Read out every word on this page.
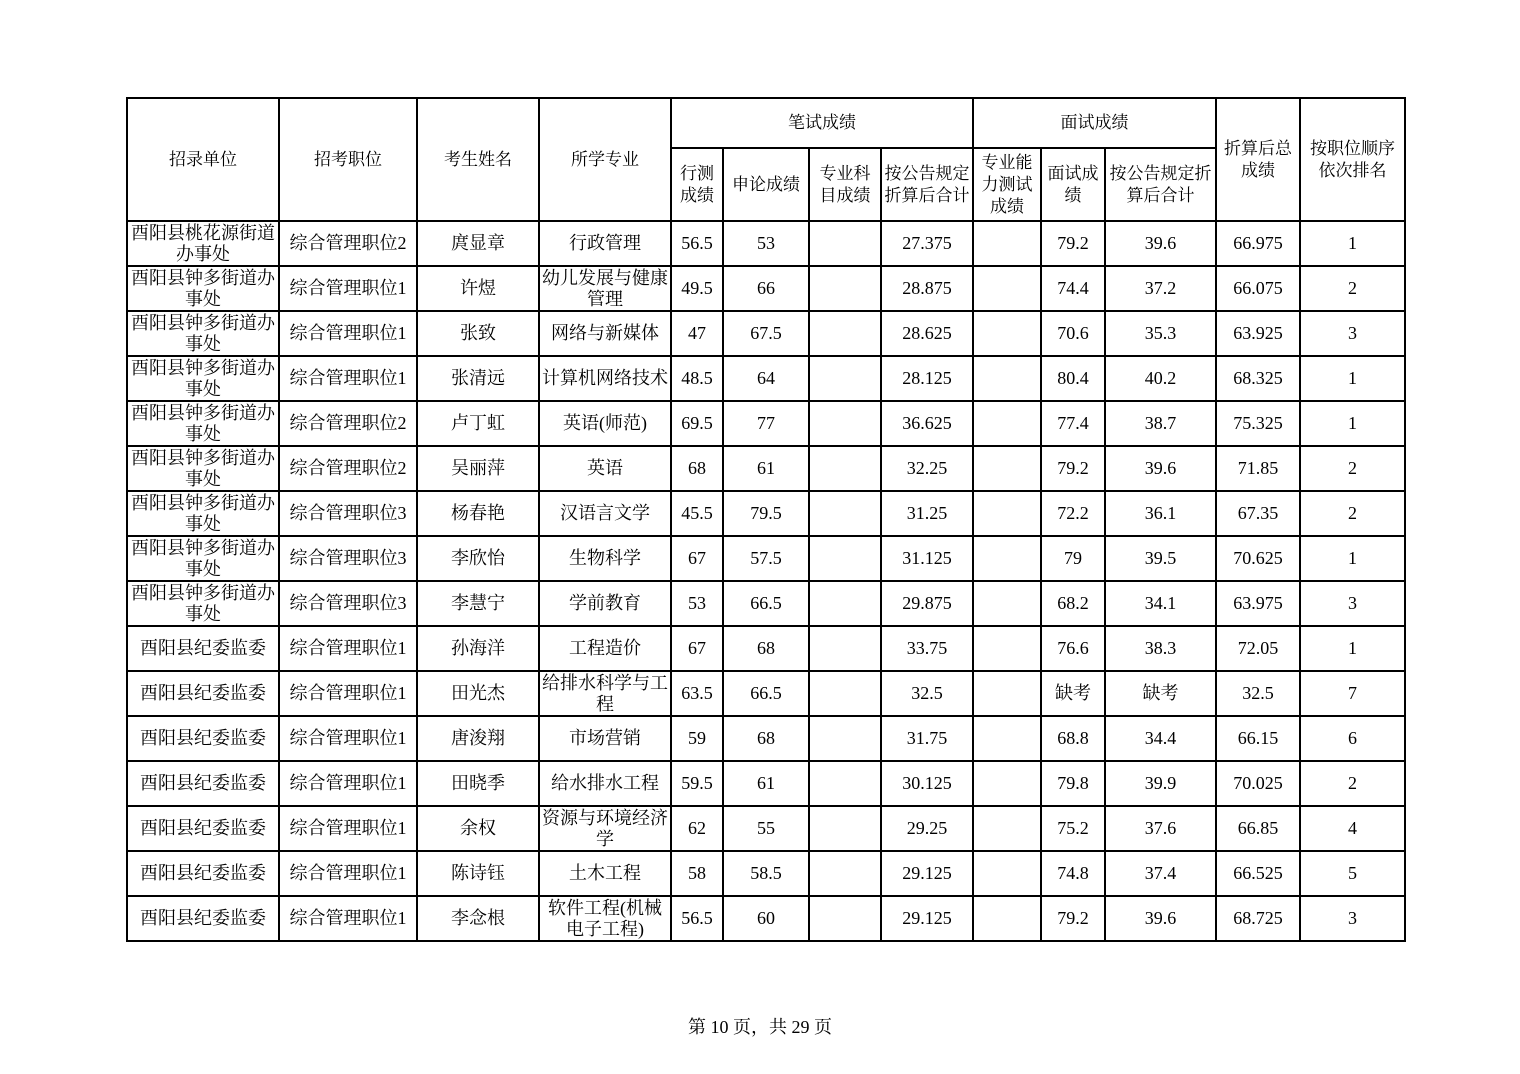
招录单位	招考职位	考生姓名	所学专业	笔试成绩				面试成绩			折算后总成绩	按职位顺序依次排名
				行测成绩	申论成绩	专业科目成绩	按公告规定折算后合计	专业能力测试成绩	面试成绩	按公告规定折算后合计		
酉阳县桃花源街道办事处	综合管理职位2	庹显章	行政管理	56.5	53		27.375		79.2	39.6	66.975	1
酉阳县钟多街道办事处	综合管理职位1	许煜	幼儿发展与健康管理	49.5	66		28.875		74.4	37.2	66.075	2
酉阳县钟多街道办事处	综合管理职位1	张致	网络与新媒体	47	67.5		28.625		70.6	35.3	63.925	3
酉阳县钟多街道办事处	综合管理职位1	张清远	计算机网络技术	48.5	64		28.125		80.4	40.2	68.325	1
酉阳县钟多街道办事处	综合管理职位2	卢丁虹	英语(师范)	69.5	77		36.625		77.4	38.7	75.325	1
酉阳县钟多街道办事处	综合管理职位2	吴丽萍	英语	68	61		32.25		79.2	39.6	71.85	2
酉阳县钟多街道办事处	综合管理职位3	杨春艳	汉语言文学	45.5	79.5		31.25		72.2	36.1	67.35	2
酉阳县钟多街道办事处	综合管理职位3	李欣怡	生物科学	67	57.5		31.125		79	39.5	70.625	1
酉阳县钟多街道办事处	综合管理职位3	李慧宁	学前教育	53	66.5		29.875		68.2	34.1	63.975	3
酉阳县纪委监委	综合管理职位1	孙海洋	工程造价	67	68		33.75		76.6	38.3	72.05	1
酉阳县纪委监委	综合管理职位1	田光杰	给排水科学与工程	63.5	66.5		32.5		缺考	缺考	32.5	7
酉阳县纪委监委	综合管理职位1	唐浚翔	市场营销	59	68		31.75		68.8	34.4	66.15	6
酉阳县纪委监委	综合管理职位1	田晓季	给水排水工程	59.5	61		30.125		79.8	39.9	70.025	2
酉阳县纪委监委	综合管理职位1	余权	资源与环境经济学	62	55		29.25		75.2	37.6	66.85	4
酉阳县纪委监委	综合管理职位1	陈诗钰	土木工程	58	58.5		29.125		74.8	37.4	66.525	5
酉阳县纪委监委	综合管理职位1	李念根	软件工程(机械电子工程)	56.5	60		29.125		79.2	39.6	68.725	3
第 10 页，共 29 页
